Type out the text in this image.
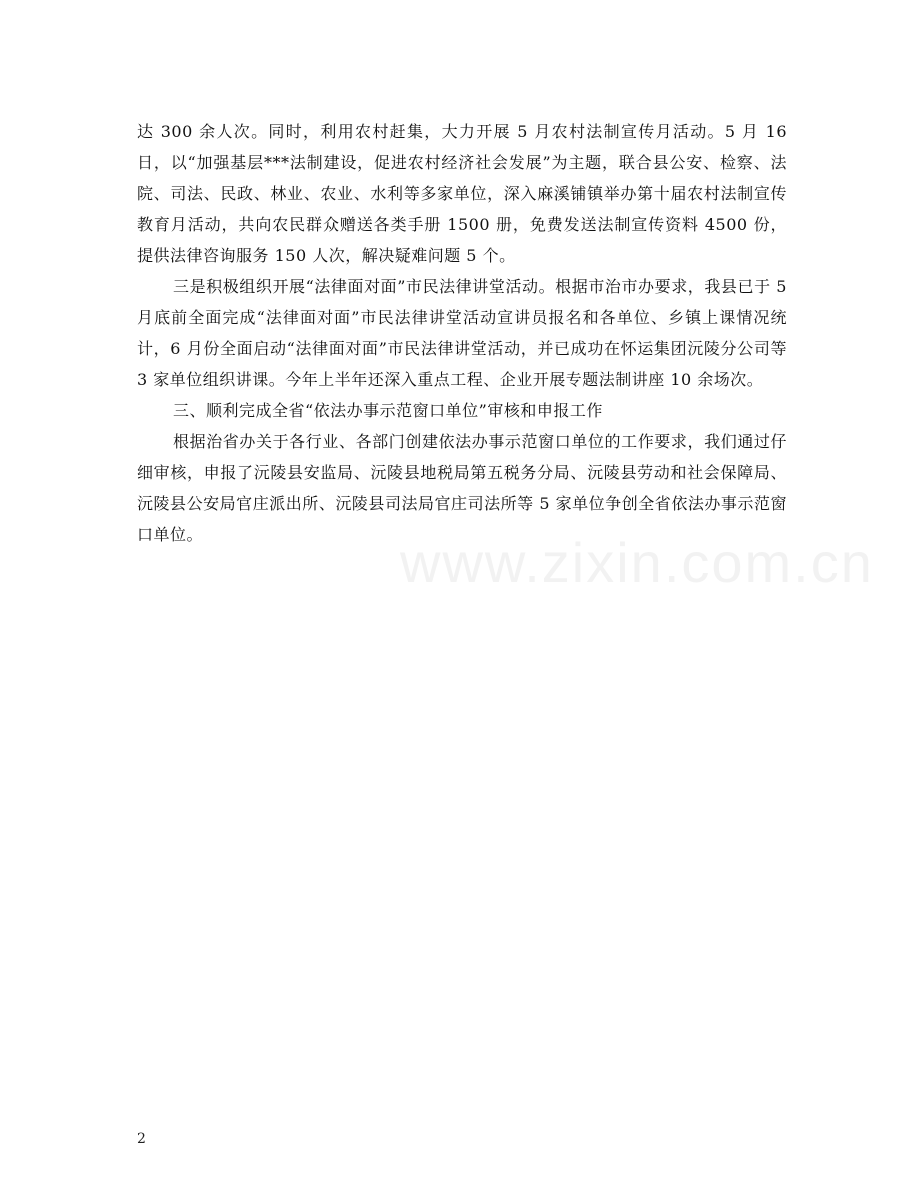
达 300 余人次。同时，利用农村赶集，大力开展 5 月农村法制宣传月活动。5 月 16 日，以“加强基层***法制建设，促进农村经济社会发展”为主题，联合县公安、检察、法院、司法、民政、林业、农业、水利等多家单位，深入麻溪铺镇举办第十届农村法制宣传教育月活动，共向农民群众赠送各类手册 1500 册，免费发送法制宣传资料 4500 份，提供法律咨询服务 150 人次，解决疑难问题 5 个。

三是积极组织开展“法律面对面”市民法律讲堂活动。根据市治市办要求，我县已于 5 月底前全面完成“法律面对面”市民法律讲堂活动宣讲员报名和各单位、乡镇上课情况统计，6 月份全面启动“法律面对面”市民法律讲堂活动，并已成功在怀运集团沅陵分公司等 3 家单位组织讲课。今年上半年还深入重点工程、企业开展专题法制讲座 10 余场次。

三、顺利完成全省“依法办事示范窗口单位”审核和申报工作

根据治省办关于各行业、各部门创建依法办事示范窗口单位的工作要求，我们通过仔细审核，申报了沅陵县安监局、沅陵县地税局第五税务分局、沅陵县劳动和社会保障局、沅陵县公安局官庄派出所、沅陵县司法局官庄司法所等 5 家单位争创全省依法办事示范窗口单位。	www.zixin.com.cn
2
